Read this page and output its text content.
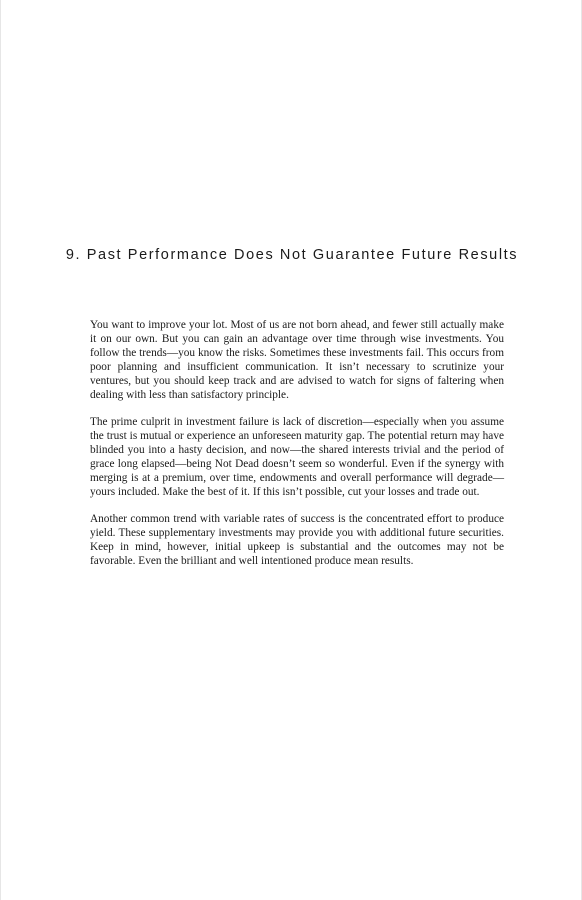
9. Past Performance Does Not Guarantee Future Results

You want to improve your lot. Most of us are not born ahead, and fewer still actually make it on our own. But you can gain an advantage over time through wise investments. You follow the trends—you know the risks. Sometimes these investments fail. This occurs from poor planning and insufficient communication. It isn’t necessary to scrutinize your ventures, but you should keep track and are advised to watch for signs of faltering when dealing with less than satisfactory principle.

The prime culprit in investment failure is lack of discretion—especially when you assume the trust is mutual or experience an unforeseen maturity gap. The potential return may have blinded you into a hasty decision, and now—the shared interests trivial and the period of grace long elapsed—being Not Dead doesn’t seem so wonderful. Even if the synergy with merging is at a premium, over time, endowments and overall performance will degrade—yours included. Make the best of it. If this isn’t possible, cut your losses and trade out.

Another common trend with variable rates of success is the concentrated effort to produce yield. These supplementary investments may provide you with additional future securities. Keep in mind, however, initial upkeep is substantial and the outcomes may not be favorable. Even the brilliant and well intentioned produce mean results.
